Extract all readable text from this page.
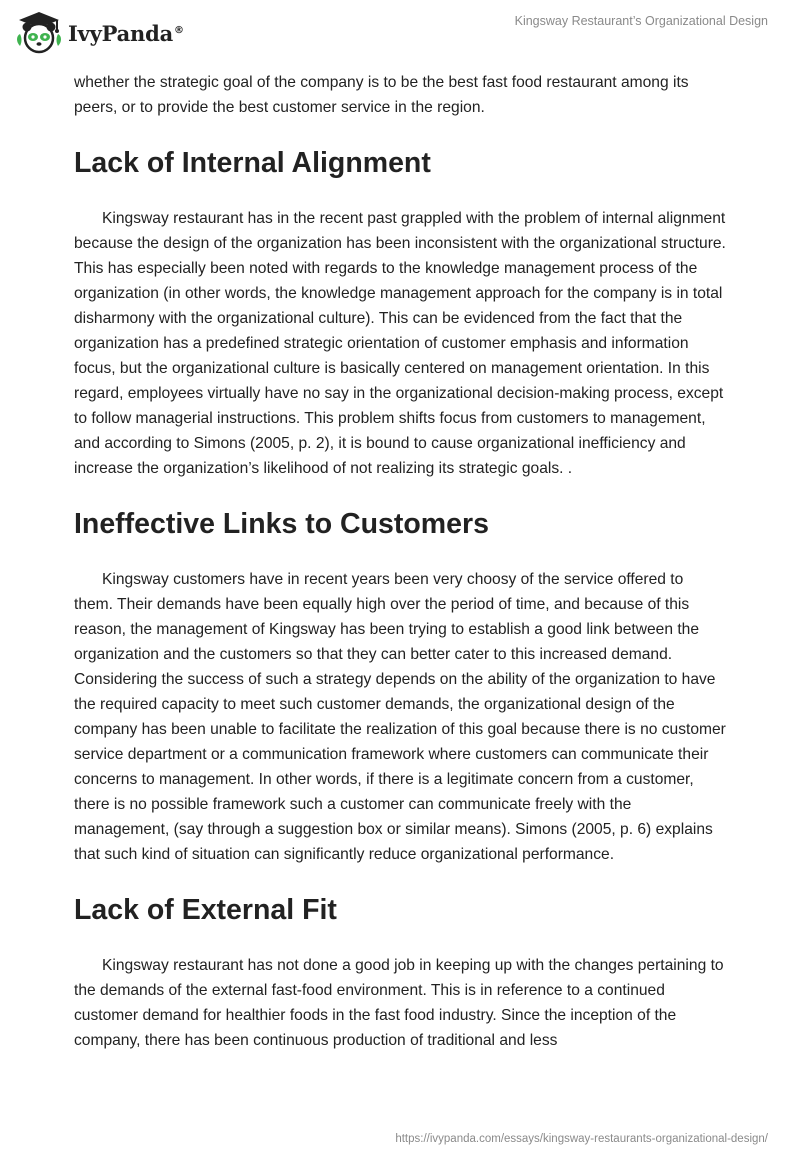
IvyPanda®
Kingsway Restaurant’s Organizational Design

whether the strategic goal of the company is to be the best fast food restaurant among its peers, or to provide the best customer service in the region.

Lack of Internal Alignment

Kingsway restaurant has in the recent past grappled with the problem of internal alignment because the design of the organization has been inconsistent with the organizational structure. This has especially been noted with regards to the knowledge management process of the organization (in other words, the knowledge management approach for the company is in total disharmony with the organizational culture). This can be evidenced from the fact that the organization has a predefined strategic orientation of customer emphasis and information focus, but the organizational culture is basically centered on management orientation. In this regard, employees virtually have no say in the organizational decision-making process, except to follow managerial instructions. This problem shifts focus from customers to management, and according to Simons (2005, p. 2), it is bound to cause organizational inefficiency and increase the organization’s likelihood of not realizing its strategic goals. .

Ineffective Links to Customers

Kingsway customers have in recent years been very choosy of the service offered to them. Their demands have been equally high over the period of time, and because of this reason, the management of Kingsway has been trying to establish a good link between the organization and the customers so that they can better cater to this increased demand. Considering the success of such a strategy depends on the ability of the organization to have the required capacity to meet such customer demands, the organizational design of the company has been unable to facilitate the realization of this goal because there is no customer service department or a communication framework where customers can communicate their concerns to management. In other words, if there is a legitimate concern from a customer, there is no possible framework such a customer can communicate freely with the management, (say through a suggestion box or similar means). Simons (2005, p. 6) explains that such kind of situation can significantly reduce organizational performance.

Lack of External Fit

Kingsway restaurant has not done a good job in keeping up with the changes pertaining to the demands of the external fast-food environment. This is in reference to a continued customer demand for healthier foods in the fast food industry. Since the inception of the company, there has been continuous production of traditional and less

https://ivypanda.com/essays/kingsway-restaurants-organizational-design/
